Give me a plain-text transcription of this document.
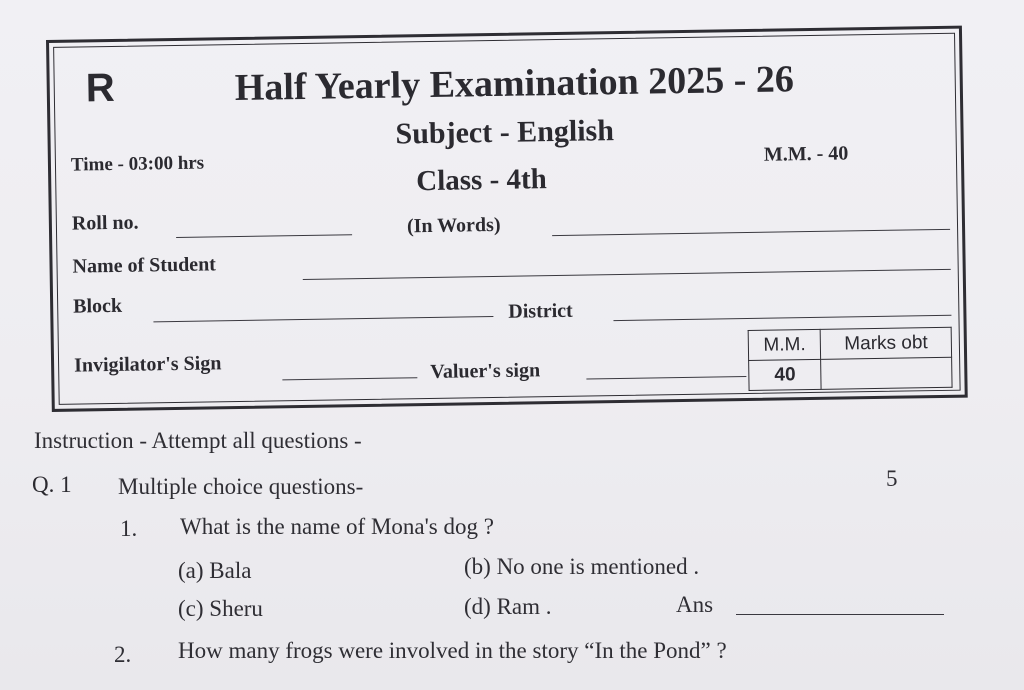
R	Half Yearly Examination 2025 - 26
Subject - English
Time - 03:00 hrs	M.M. - 40
Class - 4th
Roll no.	(In Words)
Name of Student
Block	District
Invigilator's Sign	Valuer's sign
M.M.	Marks obt
40	
Instruction - Attempt all questions -
Q. 1 Multiple choice questions-	5
1. What is the name of Mona's dog ?
(a) Bala	(b) No one is mentioned .
(c) Sheru	(d) Ram .	Ans
2. How many frogs were involved in the story “In the Pond” ?
